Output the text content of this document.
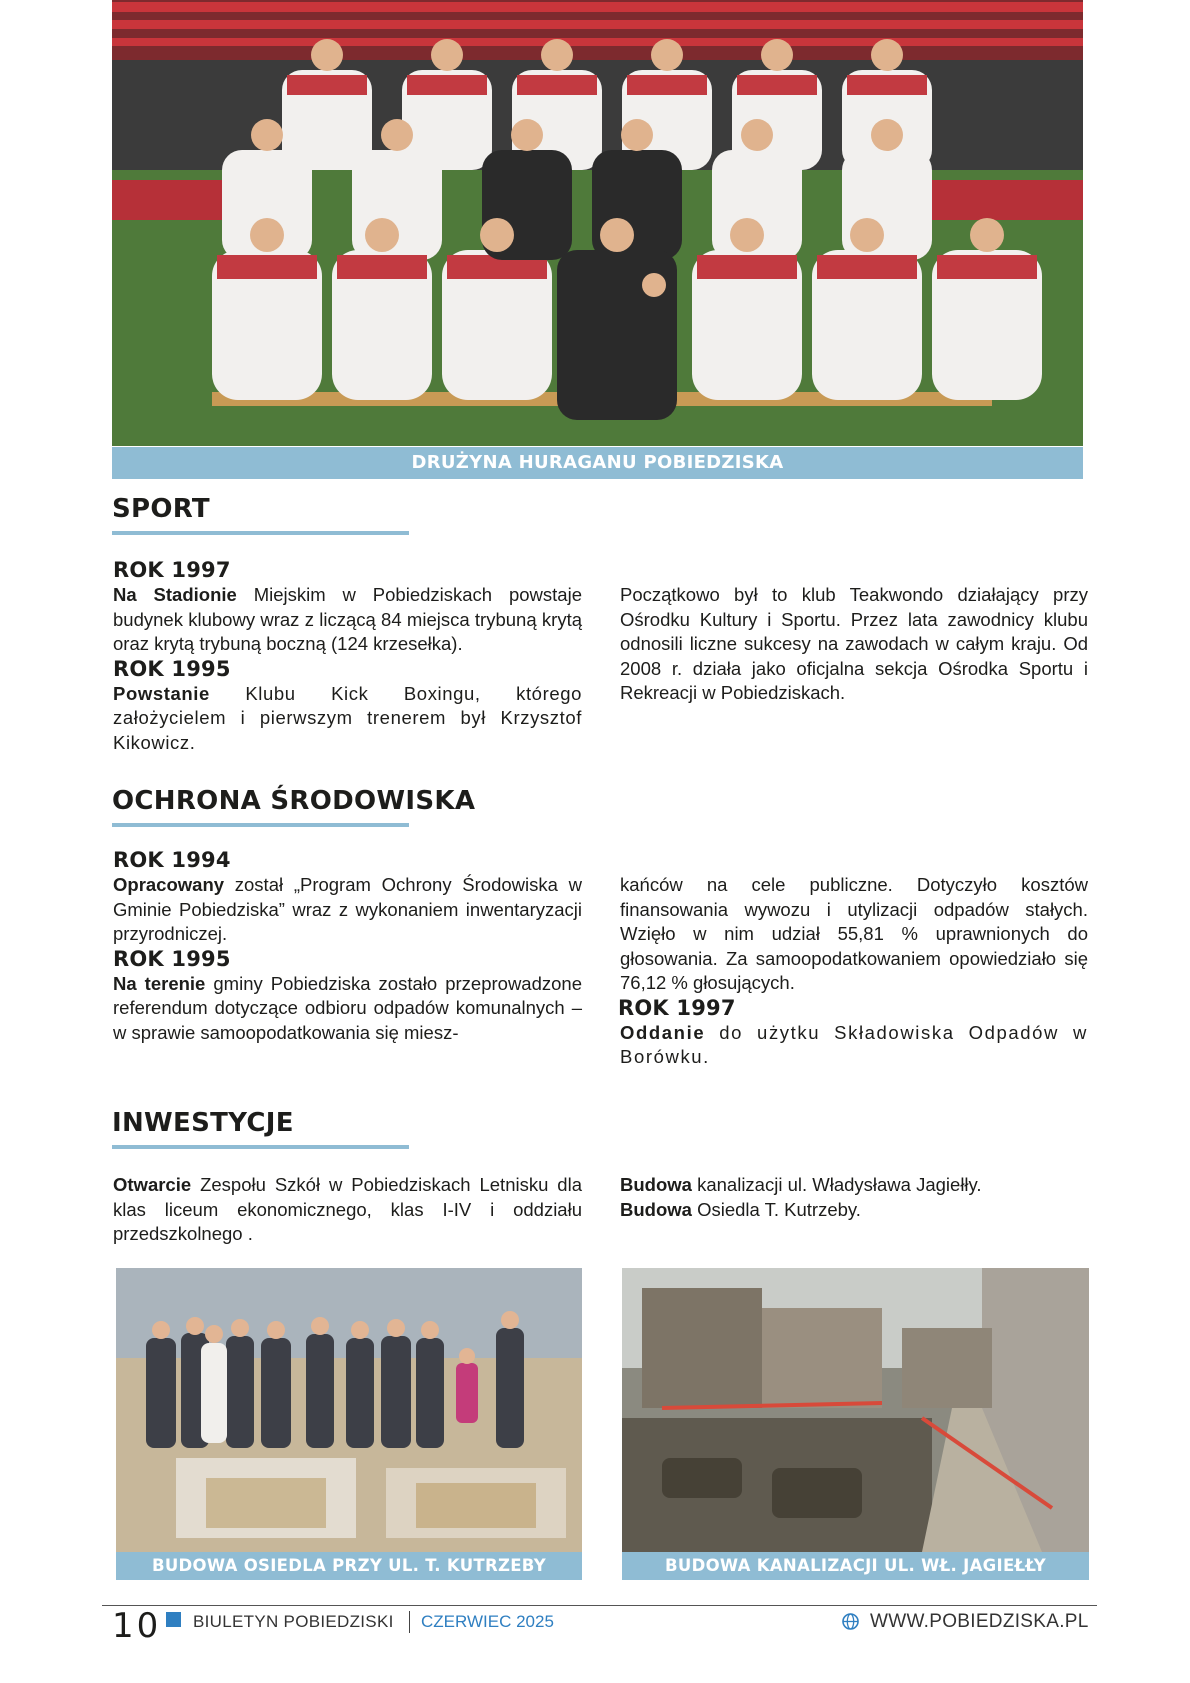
DRUŻYNA HURAGANU POBIEDZISKA
SPORT
ROK 1997

Na Stadionie Miejskim w Pobiedziskach powstaje budynek klubowy wraz z liczącą 84 miejsca trybuną krytą oraz krytą trybuną boczną (124 krzesełka).

ROK 1995

Powstanie Klubu Kick Boxingu, którego założycielem i pierwszym trenerem był Krzysztof Kikowicz.

Początkowo był to klub Teakwondo działający przy Ośrodku Kultury i Sportu. Przez lata zawodnicy klubu odnosili liczne sukcesy na zawodach w całym kraju. Od 2008 r. działa jako oficjalna sekcja Ośrodka Sportu i Rekreacji w Pobiedziskach.

OCHRONA ŚRODOWISKA
ROK 1994

Opracowany został „Program Ochrony Środowiska w Gminie Pobiedziska” wraz z wykonaniem inwentaryzacji przyrodniczej.

ROK 1995

Na terenie gminy Pobiedziska zostało przeprowadzone referendum dotyczące odbioru odpadów komunalnych – w sprawie samoopodatkowania się miesz-

kańców na cele publiczne. Dotyczyło kosztów finansowania wywozu i utylizacji odpadów stałych. Wzięło w nim udział 55,81 % uprawnionych do głosowania. Za samoopodatkowaniem opowiedziało się 76,12 % głosujących.

ROK 1997

Oddanie do użytku Składowiska Odpadów w Borówku.

INWESTYCJE

Otwarcie Zespołu Szkół w Pobiedziskach Letnisku dla klas liceum ekonomicznego, klas I-IV i oddziału przedszkolnego .

Budowa kanalizacji ul. Władysława Jagiełły.
Budowa Osiedla T. Kutrzeby.
BUDOWA OSIEDLA PRZY UL. T. KUTRZEBY	BUDOWA KANALIZACJI UL. WŁ. JAGIEŁŁY
10 BIULETYN POBIEDZISKI CZERWIEC 2025	WWW.POBIEDZISKA.PL
